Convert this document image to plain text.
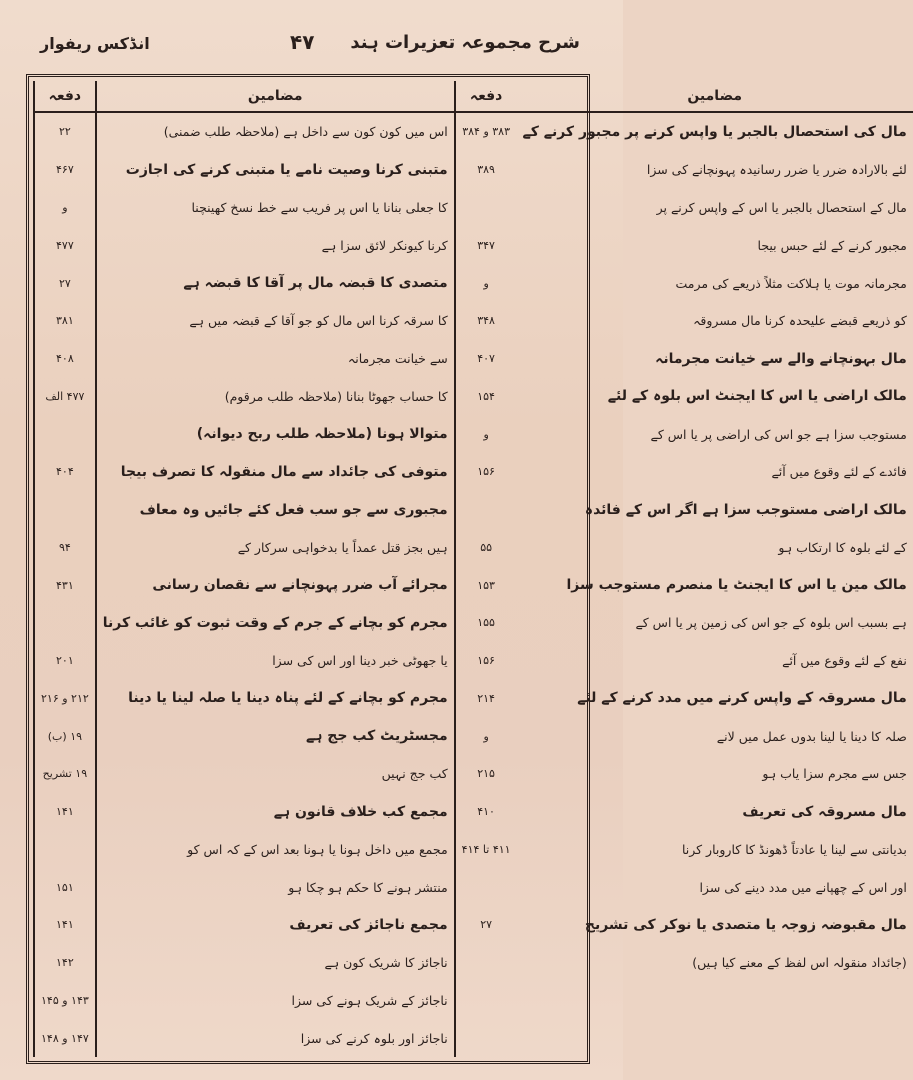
شرح مجموعہ تعزیرات ہند
۴۷
انڈکس ریفوار
مضامین	دفعہ	مضامین	دفعہ
مال کی استحصال بالجبر یا واپس کرنے پر مجبور کرنے کے	۳۸۳ و ۳۸۴	اس میں کون کون سے داخل ہے (ملاحظہ طلب ضمنی)	۲۲
لئے بالارادہ ضرر یا ضرر رسانیدہ پہونچانے کی سزا	۳۸۹	متبنی کرنا وصیت نامے یا متبنی کرنے کی اجازت	۴۶۷
مال کے استحصال بالجبر یا اس کے واپس کرنے پر		کا جعلی بنانا یا اس پر فریب سے خط نسخ کھینچنا	و
مجبور کرنے کے لئے حبس بیجا	۳۴۷	کرنا کیونکر لائق سزا ہے	۴۷۷
مجرمانہ موت یا ہلاکت مثلاً ذریعے کی مرمت	و	متصدی کا قبضہ مال پر آقا کا قبضہ ہے	۲۷
کو ذریعے قبضے علیحدہ کرنا مال مسروقہ	۳۴۸	کا سرقہ کرنا اس مال کو جو آقا کے قبضہ میں ہے	۳۸۱
مال بہونچانے والے سے خیانت مجرمانہ	۴۰۷	سے خیانت مجرمانہ	۴۰۸
مالک اراضی یا اس کا ایجنٹ اس بلوہ کے لئے	۱۵۴	کا حساب جھوٹا بنانا (ملاحظہ طلب مرقوم)	۴۷۷ الف
مستوجب سزا ہے جو اس کی اراضی پر یا اس کے	و	متوالا ہونا (ملاحظہ طلب ربح دیوانہ)	
فائدے کے لئے وقوع میں آئے	۱۵۶	متوفی کی جائداد سے مال منقولہ کا تصرف بیجا	۴۰۴
مالک اراضی مستوجب سزا ہے اگر اس کے فائدہ		مجبوری سے جو سب فعل کئے جائیں وہ معاف	
کے لئے بلوہ کا ارتکاب ہو	۵۵	ہیں بجز قتل عمداً یا بدخواہی سرکار کے	۹۴
مالک مین یا اس کا ایجنٹ یا منصرم مستوجب سزا	۱۵۳	مجرائے آب ضرر پہونچانے سے نقصان رسانی	۴۳۱
ہے بسبب اس بلوہ کے جو اس کی زمین پر یا اس کے	۱۵۵	مجرم کو بچانے کے جرم کے وقت ثبوت کو غائب کرنا	
نفع کے لئے وقوع میں آئے	۱۵۶	یا جھوٹی خبر دینا اور اس کی سزا	۲۰۱
مال مسروقہ کے واپس کرنے میں مدد کرنے کے لئے	۲۱۴	مجرم کو بچانے کے لئے پناہ دینا یا صلہ لینا یا دینا	۲۱۲ و ۲۱۶
صلہ کا دینا یا لینا بدوں عمل میں لانے	و	مجسٹریٹ کب جج ہے	۱۹ (ب)
جس سے مجرم سزا یاب ہو	۲۱۵	کب جج نہیں	۱۹ تشریح
مال مسروقہ کی تعریف	۴۱۰	مجمع کب خلاف قانون ہے	۱۴۱
بدیانتی سے لینا یا عادتاً ڈھونڈ کا کاروبار کرنا	۴۱۱ تا ۴۱۴	مجمع میں داخل ہونا یا ہونا بعد اس کے کہ اس کو	
اور اس کے چھپانے میں مدد دینے کی سزا		منتشر ہونے کا حکم ہو چکا ہو	۱۵۱
مال مقبوضہ زوجہ یا متصدی یا نوکر کی تشریح	۲۷	مجمع ناجائز کی تعریف	۱۴۱
(جائداد منقولہ اس لفظ کے معنے کیا ہیں)		ناجائز کا شریک کون ہے	۱۴۲
		ناجائز کے شریک ہونے کی سزا	۱۴۳ و ۱۴۵
		ناجائز اور بلوہ کرنے کی سزا	۱۴۷ و ۱۴۸
